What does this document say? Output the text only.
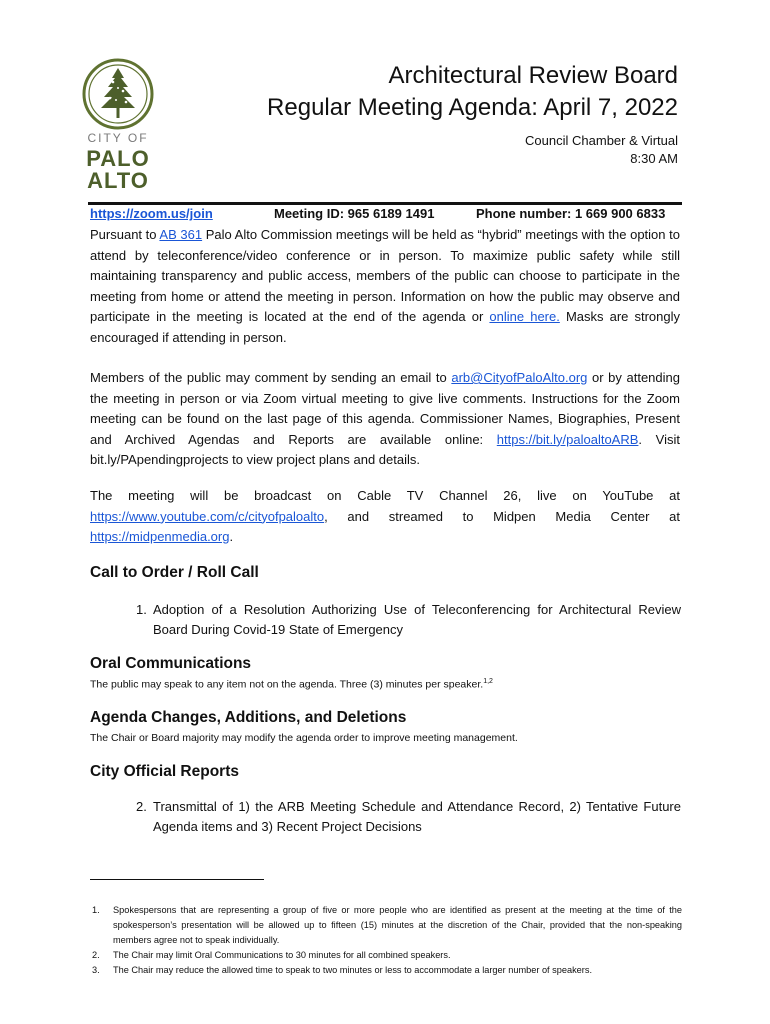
CITY OF
PALO
ALTO
Architectural Review Board
Regular Meeting Agenda: April 7, 2022
Council Chamber & Virtual
8:30 AM
https://zoom.us/join	Meeting ID: 965 6189 1491	Phone number: 1 669 900 6833
Pursuant to AB 361 Palo Alto Commission meetings will be held as “hybrid” meetings with the option to attend by teleconference/video conference or in person. To maximize public safety while still maintaining transparency and public access, members of the public can choose to participate in the meeting from home or attend the meeting in person. Information on how the public may observe and participate in the meeting is located at the end of the agenda or online here. Masks are strongly encouraged if attending in person.
Members of the public may comment by sending an email to arb@CityofPaloAlto.org or by attending the meeting in person or via Zoom virtual meeting to give live comments. Instructions for the Zoom meeting can be found on the last page of this agenda. Commissioner Names, Biographies, Present and Archived Agendas and Reports are available online: https://bit.ly/paloaltoARB. Visit bit.ly/PApendingprojects to view project plans and details.
The meeting will be broadcast on Cable TV Channel 26, live on YouTube at https://www.youtube.com/c/cityofpaloalto, and streamed to Midpen Media Center at https://midpenmedia.org.
Call to Order / Roll Call
1. Adoption of a Resolution Authorizing Use of Teleconferencing for Architectural Review Board During Covid-19 State of Emergency
Oral Communications
The public may speak to any item not on the agenda. Three (3) minutes per speaker.$^{1,2}$
Agenda Changes, Additions, and Deletions
The Chair or Board majority may modify the agenda order to improve meeting management.
City Official Reports
2. Transmittal of 1) the ARB Meeting Schedule and Attendance Record, 2) Tentative Future Agenda items and 3) Recent Project Decisions
1. Spokespersons that are representing a group of five or more people who are identified as present at the meeting at the time of the spokesperson’s presentation will be allowed up to fifteen (15) minutes at the discretion of the Chair, provided that the non-speaking members agree not to speak individually.
2. The Chair may limit Oral Communications to 30 minutes for all combined speakers.
3. The Chair may reduce the allowed time to speak to two minutes or less to accommodate a larger number of speakers.
